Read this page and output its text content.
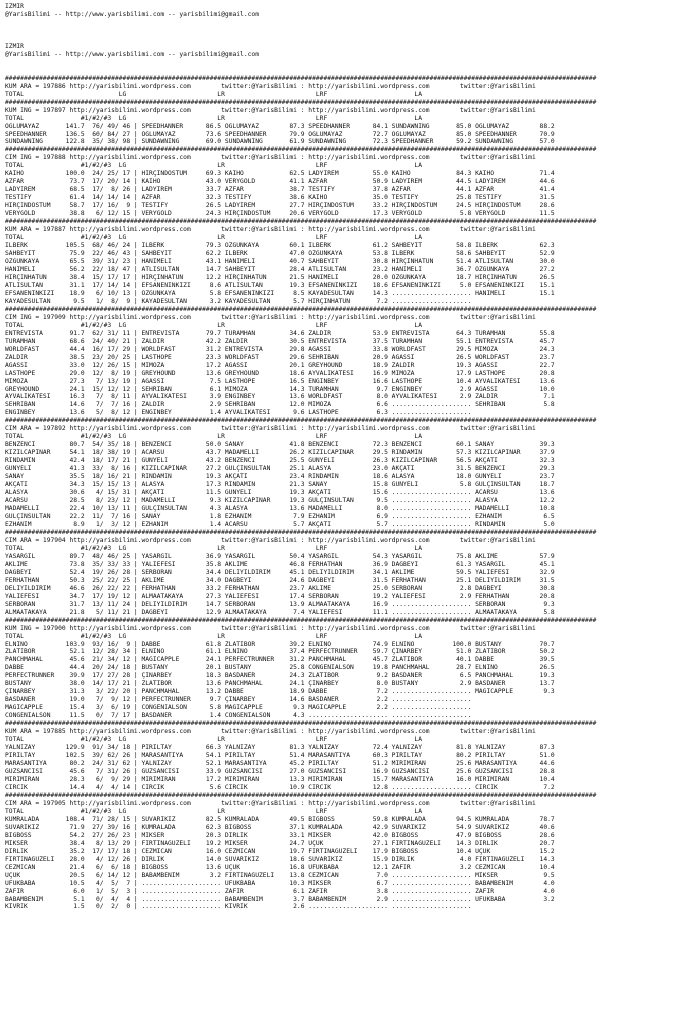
IZMIR
@YarisBilimi -- http://www.yarisbilimi.com -- yarisbilimi@gmail.com
IZMIR
@YarisBilimi -- http://www.yarisbilimi.com -- yarisbilimi@gmail.com
############################################################################################################################################################
KUM ARA = 197886 http://yarisbilimi.wordpress.com        twitter:@YarisBilimi : http://yarisbilimi.wordpress.com        twitter:@YarisBilimi
TOTAL                         LG                        LR                        LRF                       LA
############################################################################################################################################################
KUM ING = 197897 http://yarisbilimi.wordpress.com        twitter:@YarisBilimi : http://yarisbilimi.wordpress.com        twitter:@YarisBilimi
TOTAL               #1/#2/#3  LG                        LR                        LRF                       LA
OGLUMAYAZ       141.7  76/ 49/ 46 | SPEEDHANNER      86.5 OGLUMAYAZ        87.3 SPEEDHANNER      84.1 SUNDAWNING       85.0 OGLUMAYAZ        88.2
SPEEDHANNER     136.5  60/ 84/ 27 | OGLUMAYAZ        73.6 SPEEDHANNER      79.9 OGLUMAYAZ        72.7 OGLUMAYAZ        85.0 SPEEDHANNER      70.9
SUNDAWNING      122.8  35/ 38/ 98 | SUNDAWNING       69.0 SUNDAWNING       61.9 SUNDAWNING       72.3 SPEEDHANNER      59.2 SUNDAWNING       57.0
############################################################################################################################################################
CIM ING = 197888 http://yarisbilimi.wordpress.com        twitter:@YarisBilimi : http://yarisbilimi.wordpress.com        twitter:@YarisBilimi
TOTAL               #1/#2/#3  LG                        LR                        LRF                       LA
KAIHO           100.0  24/ 25/ 17 | HIRÇINDOSTUM     69.3 KAIHO            62.5 LADYIREM         55.0 KAIHO            84.3 KAIHO            71.4
AZFAR            73.7  17/ 20/ 14 | KAIHO            43.0 VERYGOLD         41.1 AZFAR            50.9 LADYIREM         44.5 LADYIREM         44.6
LADYIREM         68.5  17/  8/ 26 | LADYIREM         33.7 AZFAR            38.7 TESTIFY          37.8 AZFAR            44.1 AZFAR            41.4
TESTIFY          61.4  14/ 14/ 14 | AZFAR            32.3 TESTIFY          38.6 KAIHO            35.0 TESTIFY          25.8 TESTIFY          31.5
HIRÇINDOSTUM     58.7  17/ 16/  9 | TESTIFY          26.5 LADYIREM         27.7 HIRÇINDOSTUM     33.2 HIRÇINDOSTUM     24.5 HIRÇINDOSTUM     28.6
VERYGOLD         38.8   6/ 12/ 15 | VERYGOLD         24.3 HIRÇINDOSTUM     20.6 VERYGOLD         17.3 VERYGOLD          5.8 VERYGOLD         11.5
############################################################################################################################################################
KUM ARA = 197887 http://yarisbilimi.wordpress.com        twitter:@YarisBilimi : http://yarisbilimi.wordpress.com        twitter:@YarisBilimi
TOTAL               #1/#2/#3  LG                        LR                        LRF                       LA
ILBERK          105.5  68/ 46/ 24 | ILBERK           79.3 ÖZGÜNKAYA        60.1 ILBERK           61.2 SAHBEYIT         58.8 ILBERK           62.3
SAHBEYIT         75.9  22/ 46/ 43 | SAHBEYIT         62.2 ILBERK           47.0 ÖZGÜNKAYA        53.8 ILBERK           58.6 SAHBEYIT         52.9
ÖZGÜNKAYA        65.5  39/ 31/ 23 | HANIMELI         43.1 HANIMELI         40.7 SAHBEYIT         30.8 HIRÇINHATUN      51.4 ATLISULTAN       30.0
HANIMELI         56.2  22/ 18/ 47 | ATLISULTAN       14.7 SAHBEYIT         28.4 ATLISULTAN       23.2 HANIMELI         36.7 ÖZGÜNKAYA        27.2
HIRÇINHATUN      38.4  15/ 17/ 17 | HIRÇINHATUN      12.2 HIRÇINHATUN      21.5 HANIMELI         20.0 ÖZGÜNKAYA        18.7 HIRÇINHATUN      26.5
ATLISULTAN       31.1  17/ 14/ 14 | EFSANENINKIZI     8.6 ATLISULTAN       19.3 EFSANENINKIZI    18.6 EFSANENINKIZI     5.0 EFSANENINKIZI    15.1
EFSANENINKIZI    18.9   6/ 10/ 13 | ÖZGÜNKAYA         5.8 EFSANENINKIZI     8.5 KAYADESULTAN     14.3 ..................... HANIMELI         15.1
KAYADESULTAN      9.5   1/  8/  9 | KAYADESULTAN      3.2 KAYADESULTAN      5.7 HIRÇINHATUN       7.2 .....................
############################################################################################################################################################
CIM ING = 197909 http://yarisbilimi.wordpress.com        twitter:@YarisBilimi : http://yarisbilimi.wordpress.com        twitter:@YarisBilimi
TOTAL               #1/#2/#3  LG                        LR                        LRF                       LA
ENTREVISTA       91.7  62/ 31/ 11 | ENTREVISTA       79.7 TURAMHAN         34.6 ZALDIR           53.9 ENTREVISTA       64.3 TURAMHAN         55.8
TURAMHAN         68.6  24/ 40/ 21 | ZALDIR           42.2 ZALDIR           30.5 ENTREVISTA       37.5 TURAMHAN         55.1 ENTREVISTA       45.7
WORLDFAST        44.4  16/ 17/ 29 | WORLDFAST        31.2 ENTREVISTA       29.8 AGASSI           33.8 WORLDFAST        29.5 MIMOZA           24.3
ZALDIR           38.5  23/ 20/ 25 | LASTHOPE         23.3 WORLDFAST        29.6 SEHRIBAN         20.9 AGASSI           26.5 WORLDFAST        23.7
AGASSI           33.0  12/ 26/ 15 | MIMOZA           17.2 AGASSI           20.1 GREYHOUND        18.9 ZALDIR           19.3 AGASSI           22.7
LASTHOPE         29.0  12/  8/ 19 | GREYHOUND        13.6 GREYHOUND        18.6 AYVALIKATESI     16.9 MIMOZA           17.9 LASTHOPE         20.8
MIMOZA           27.3   7/ 13/ 19 | AGASSI            7.5 LASTHOPE         16.5 ENGINBEY         16.6 LASTHOPE         10.4 AYVALIKATESI     13.6
GREYHOUND        24.1  15/ 12/ 12 | SEHRIBAN          6.1 MIMOZA           14.3 TURAMHAN          9.7 ENGINBEY          2.9 AGASSI           10.0
AYVALIKATESI     16.3   7/  8/ 11 | AYVALIKATESI      3.9 ENGINBEY         13.6 WORLDFAST         8.0 AYVALIKATESI      2.9 ZALDIR            7.1
SEHRIBAN         14.6   7/  7/ 16 | ZALDIR            2.9 SEHRIBAN         12.0 MIMOZA            6.6 ..................... SEHRIBAN          5.8
ENGINBEY         13.6   5/  8/ 12 | ENGINBEY          1.4 AYVALIKATESI      9.6 LASTHOPE          6.3 .....................
############################################################################################################################################################
CIM ARA = 197892 http://yarisbilimi.wordpress.com        twitter:@YarisBilimi : http://yarisbilimi.wordpress.com        twitter:@YarisBilimi
TOTAL               #1/#2/#3  LG                        LR                        LRF                       LA
BENZENCI         80.7  54/ 35/ 18 | BENZENCI         50.0 SANAY            41.8 BENZENCI         72.3 BENZENCI         60.1 SANAY            39.3
KIZILCAPINAR     54.1  18/ 38/ 19 | ACARSU           43.7 MADAMELLI        26.2 KIZILCAPINAR     29.5 RINDAMIN         57.3 KIZILCAPINAR     37.9
RINDAMIN         42.4  18/ 17/ 21 | GÜNYELI          43.2 BENZENCI         25.5 GÜNYELI          26.3 KIZILCAPINAR     56.5 AKÇATI           32.3
GÜNYELI          41.3  33/  8/ 16 | KIZILCAPINAR     27.2 GÜLÇINSULTAN     25.1 ALASYA           23.0 AKÇATI           31.5 BENZENCI         29.3
SANAY            35.5  18/ 16/ 21 | RINDAMIN         19.3 AKÇATI           23.4 RINDAMIN         18.6 ALASYA           18.0 GÜNYELI          23.7
AKÇATI           34.3  15/ 15/ 13 | ALASYA           17.3 RINDAMIN         21.3 SANAY            15.8 GÜNYELI           5.8 GÜLÇINSULTAN     18.7
ALASYA           30.6   4/ 15/ 31 | AKÇATI           11.5 GÜNYELI          19.3 AKÇATI           15.6 ..................... ACARSU           13.6
ACARSU           28.5   8/ 23/ 12 | MADAMELLI         9.3 KIZILCAPINAR     19.3 GÜLÇINSULTAN      9.5 ..................... ALASYA           12.2
MADAMELLI        22.4  10/ 13/ 11 | GÜLÇINSULTAN      4.3 ALASYA           13.6 MADAMELLI         8.0 ..................... MADAMELLI        10.8
GÜLÇINSULTAN     22.2  11/  7/ 16 | SANAY             1.8 EZHANIM           7.9 EZHANIM           6.9 ..................... EZHANIM           6.5
EZHANIM           8.9   1/  3/ 12 | EZHANIM           1.4 ACARSU            5.7 AKÇATI            5.7 ..................... RINDAMIN          5.0
############################################################################################################################################################
CIM ARA = 197904 http://yarisbilimi.wordpress.com        twitter:@YarisBilimi : http://yarisbilimi.wordpress.com        twitter:@YarisBilimi
TOTAL               #1/#2/#3  LG                        LR                        LRF                       LA
YASARGIL         89.7  48/ 46/ 25 | YASARGIL         36.9 YASARGIL         50.4 YASARGIL         54.3 YASARGIL         75.8 AKLIME           57.9
AKLIME           73.8  35/ 33/ 33 | YALIEFESI        35.8 AKLIME           46.8 FERHATHAN        36.9 DAGBEYI          61.3 YASARGIL         45.1
DAGBEYI          52.4  19/ 26/ 28 | SERBORAN         34.4 DELIYILDIRIM     45.1 DELIYILDIRIM     34.1 AKLIME           59.5 YALIEFESI        32.9
FERHATHAN        50.3  25/ 22/ 25 | AKLIME           34.0 DAGBEYI          24.6 DAGBEYI          31.5 FERHATHAN        25.1 DELIYILDIRIM     31.5
DELIYILDIRIM     46.6  26/ 22/ 22 | FERHATHAN        33.2 FERHATHAN        23.7 AKLIME           25.0 SERBORAN          2.8 DAGBEYI          30.8
YALIEFESI        34.7  17/ 19/ 12 | ALMAATAKAYA      27.3 YALIEFESI        17.4 SERBORAN         19.2 YALIEFESI         2.9 FERHATHAN        20.8
SERBORAN         31.7  13/ 11/ 24 | DELIYILDIRIM     14.7 SERBORAN         13.9 ALMAATAKAYA      16.9 ..................... SERBORAN          9.3
ALMAATAKAYA      21.8   5/ 11/ 21 | DAGBEYI          12.9 ALMAATAKAYA       7.4 YALIEFESI        11.1 ..................... ALMAATAKAYA       5.8
############################################################################################################################################################
KUM ING = 197900 http://yarisbilimi.wordpress.com        twitter:@YarisBilimi : http://yarisbilimi.wordpress.com        twitter:@YarisBilimi
TOTAL               #1/#2/#3  LG                        LR                        LRF                       LA
ELNINO          103.9  93/ 16/  9 | DABBE            61.8 ZLATIBOR         39.2 ELNINO           74.9 ELNINO          100.0 BUSTANY          70.7
ZLATIBOR         52.1  12/ 28/ 34 | ELNINO           61.1 ELNINO           37.4 PERFECTRUNNER    59.7 ÇINARBEY         51.0 ZLATIBOR         50.2
PANCHMAHAL       45.6  21/ 34/ 12 | MAGICAPPLE       24.1 PERFECTRUNNER    31.2 PANCHMAHAL       45.7 ZLATIBOR         40.1 DABBE            39.5
DABBE            44.4  20/ 24/ 18 | BUSTANY          20.1 BUSTANY          25.8 CONGENIALSON     19.8 PANCHMAHAL       28.7 ELNINO           26.5
PERFECTRUNNER    39.9  17/ 27/ 28 | ÇINARBEY         18.3 BASDANER         24.3 ZLATIBOR          9.2 BASDANER          6.5 PANCHMAHAL       19.3
BUSTANY          38.0  14/ 17/ 21 | ZLATIBOR         13.6 PANCHMAHAL       24.1 ÇINARBEY          8.0 BUSTANY           2.9 BASDANER         13.7
ÇINARBEY         31.3   3/ 22/ 20 | PANCHMAHAL       13.2 DABBE            18.9 DABBE             7.2 ..................... MAGICAPPLE        9.3
BASDANER         19.0   7/  9/ 12 | PERFECTRUNNER     9.7 ÇINARBEY         14.6 BASDANER          2.2 .....................
MAGICAPPLE       15.4   3/  6/ 19 | CONGENIALSON      5.8 MAGICAPPLE        9.3 MAGICAPPLE        2.2 .....................
CONGENIALSON     11.5   0/  7/ 17 | BASDANER          1.4 CONGENIALSON      4.3 ..................... .....................
############################################################################################################################################################
KUM ARA = 197885 http://yarisbilimi.wordpress.com        twitter:@YarisBilimi : http://yarisbilimi.wordpress.com        twitter:@YarisBilimi
TOTAL               #1/#2/#3  LG                        LR                        LRF                       LA
YALNIZAY        129.9  91/ 34/ 18 | PIRILTAY         66.3 YALNIZAY         81.3 YALNIZAY         72.4 YALNIZAY         81.8 YALNIZAY         87.3
PIRILTAY        102.5  39/ 62/ 26 | MARASANTIYA      54.1 PIRILTAY         51.4 MARASANTIYA      60.3 PIRILTAY         80.2 PIRILTAY         51.0
MARASANTIYA      80.2  24/ 31/ 62 | YALNIZAY         52.1 MARASANTIYA      45.2 PIRILTAY         51.2 MIRIMIRAN        25.6 MARASANTIYA      44.6
GÜZSANCISI       45.6   7/ 31/ 26 | GÜZSANCISI       33.9 GÜZSANCISI       27.0 GÜZSANCISI       16.9 GÜZSANCISI       25.6 GÜZSANCISI       28.8
MIRIMIRAN        28.3   6/  9/ 29 | MIRIMIRAN        17.2 MIRIMIRAN        13.3 MIRIMIRAN        15.7 MARASANTIYA      16.0 MIRIMIRAN        10.4
CIRCIK           14.4   4/  4/ 14 | CIRCIK            5.6 CIRCIK           10.9 CIRCIK           12.8 ..................... CIRCIK            7.2
############################################################################################################################################################
CIM ARA = 197905 http://yarisbilimi.wordpress.com        twitter:@YarisBilimi : http://yarisbilimi.wordpress.com        twitter:@YarisBilimi
TOTAL               #1/#2/#3  LG                        LR                        LRF                       LA
KUMRALADA       108.4  71/ 28/ 15 | SÜVARIKIZ        82.5 KUMRALADA        49.5 BIGBOSS          59.8 KUMRALADA        94.5 KUMRALADA        78.7
SÜVARIKIZ        71.9  27/ 39/ 16 | KUMRALADA        62.3 BIGBOSS          37.1 KUMRALADA        42.9 SÜVARIKIZ        54.9 SÜVARIKIZ        40.6
BIGBOSS          54.2  27/ 26/ 23 | MIKSER           20.3 DIRLIK           33.1 MIKSER           42.0 BIGBOSS          47.9 BIGBOSS          28.6
MIKSER           38.4   8/ 13/ 29 | FIRTINAGÜZELI    19.2 MIKSER           24.7 UÇUK             27.1 FIRTINAGÜZELI    14.3 DIRLIK           20.7
DIRLIK           35.2  17/ 17/ 18 | CEZMICAN         16.0 CEZMICAN         19.7 FIRTINAGÜZELI    17.9 BIGBOSS          10.4 UÇUK             15.2
FIRTINAGÜZELI    28.0   4/ 12/ 26 | DIRLIK           14.0 SÜVARIKIZ        18.6 SÜVARIKIZ        15.9 DIRLIK            4.0 FIRTINAGÜZELI    14.3
CEZMICAN         21.4   6/  6/ 18 | BIGBOSS          13.6 UÇUK             16.8 UFUKBABA         12.1 ZAFIR             3.2 CEZMICAN         10.4
UÇUK             20.5   6/ 14/ 12 | BABAMBENIM        3.2 FIRTINAGÜZELI    13.8 CEZMICAN          7.0 ..................... MIKSER            9.5
UFUKBABA         10.5   4/  5/  7 | ..................... UFUKBABA         10.3 MIKSER            6.7 ..................... BABAMBENIM        4.0
ZAFIR             6.0   1/  5/  3 | ..................... ZAFIR             6.1 ZAFIR             3.8 ..................... ZAFIR             4.0
BABAMBENIM        5.1   0/  4/  4 | ..................... BABAMBENIM        3.7 BABAMBENIM        2.9 ..................... UFUKBABA          3.2
KIVRIK            1.5   0/  2/  0 | ..................... KIVRIK            2.6 ..................... .....................
